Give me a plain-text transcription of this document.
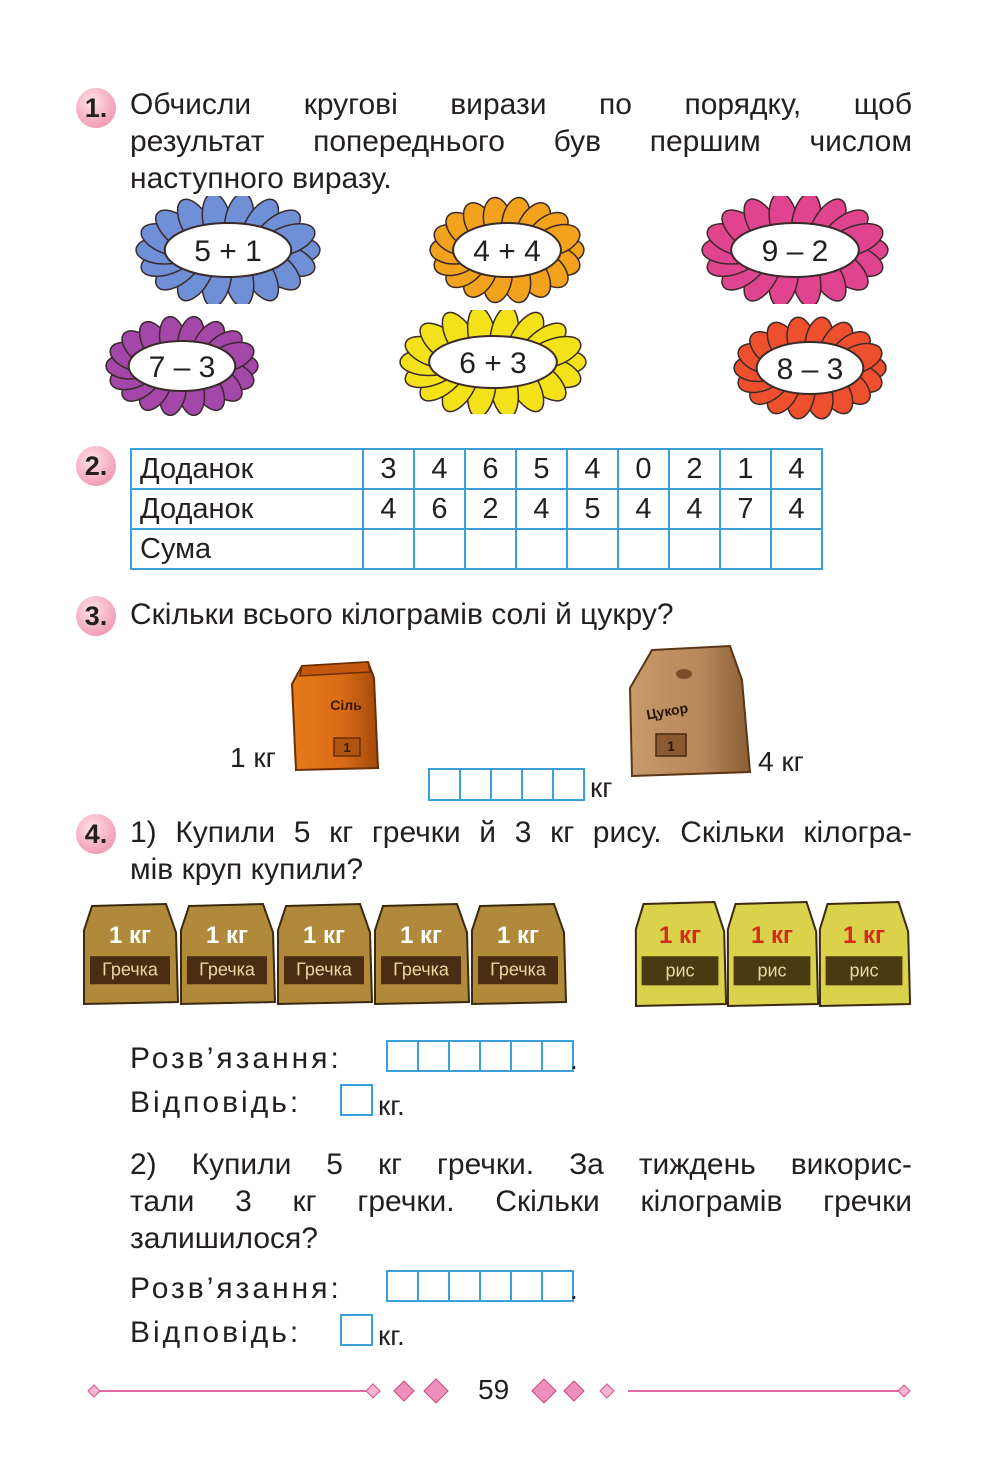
1. Обчисли кругові вирази по порядку, щоб
результат попереднього був першим числом
наступного виразу.
5 + 1	4 + 4	9 – 2
7 – 3	6 + 3	8 – 3
2.	Доданок	3	4	6	5	4	0	2	1	4
Доданок	4	6	2	4	5	4	4	7	4
Сума									
3. Скільки всього кілограмів солі й цукру?
1
Сіль
1 кг	1
Цукор
4 кг
кг
4. 1) Купили 5 кг гречки й 3 кг рису. Скільки кілогра-
мів круп купили?
1 кг
Гречка
1 кг
Гречка
1 кг
Гречка
1 кг
Гречка
1 кг
Гречка
1 кг
рис
1 кг
рис
1 кг
рис
Розв’язання:	.
Відповідь:	кг.
2) Купили 5 кг гречки. За тиждень викорис-
тали 3 кг гречки. Скільки кілограмів гречки
залишилося?
Розв’язання:	.
Відповідь:	кг.
59
